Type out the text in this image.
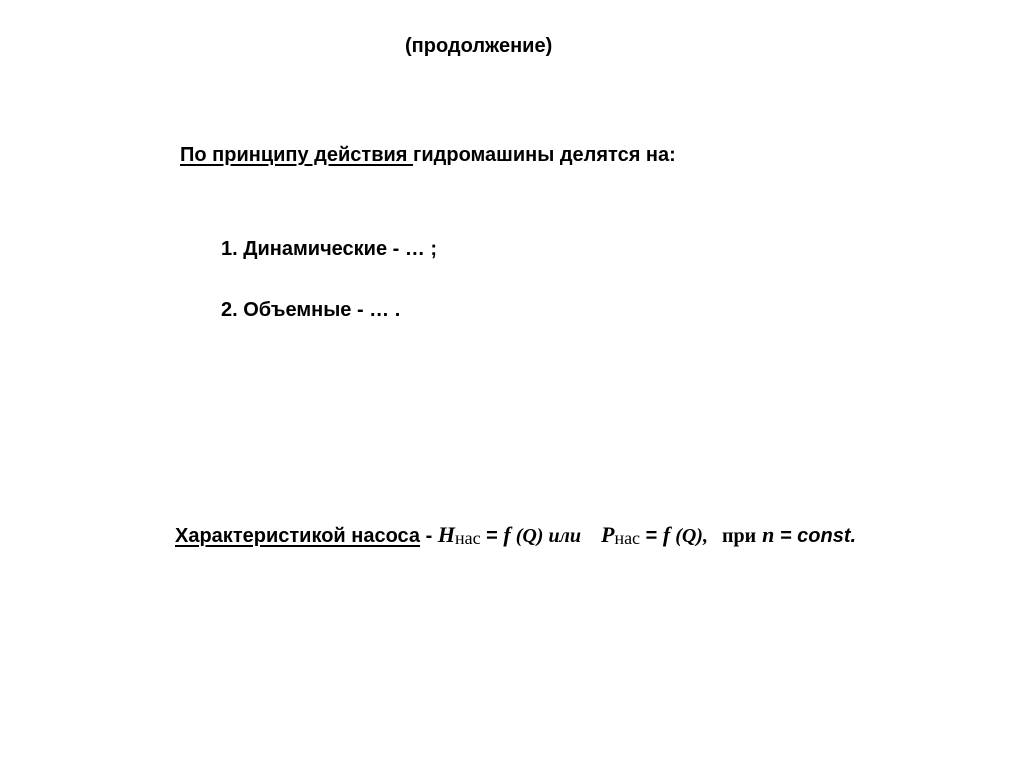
(продолжение)
По принципу действия гидромашины делятся на:
1. Динамические - … ;
2. Объемные - … .
Характеристикой насоса - Hнас = f (Q) или Pнас = f (Q), при n = const.
